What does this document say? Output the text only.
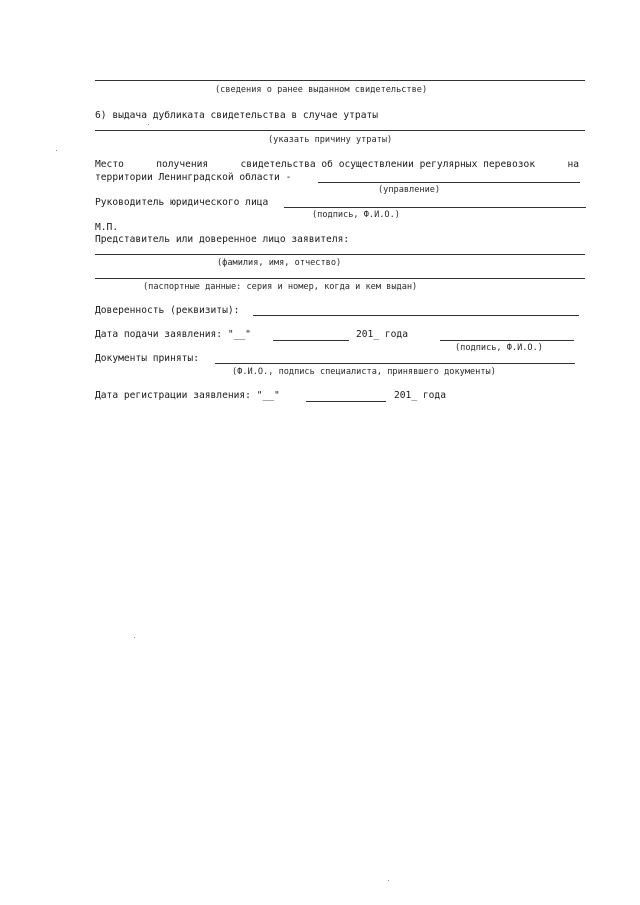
(сведения о ранее выданном свидетельстве)
6) выдача дубликата свидетельства в случае утраты
(указать причину утраты)
Место	получения	свидетельства об осуществлении регулярных перевозок	на
территории Ленинградской области -
(управление)
Руководитель юридического лица
(подпись, Ф.И.О.)
М.П.
Представитель или доверенное лицо заявителя:
(фамилия, имя, отчество)
(паспортные данные: серия и номер, когда и кем выдан)
Доверенность (реквизиты):
Дата подачи заявления: "__"	201_ года
(подпись, Ф.И.О.)
Документы приняты:
(Ф.И.О., подпись специалиста, принявшего документы)
Дата регистрации заявления: "__"	201_ года
